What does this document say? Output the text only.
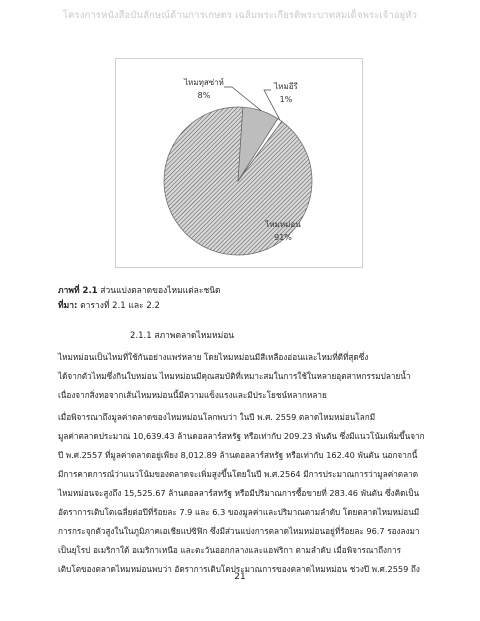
โครงการหนังสือบันลักษณ์ด้านการเกษตร เฉลิมพระเกียรติพระบาทสมเด็จพระเจ้าอยู่หัว
ไหมหม่อน
91%
ไหมทุสซ่าห์
8%
ไหมอีรี
1%
ภาพที่ 2.1 ส่วนแบ่งตลาดของไหมแต่ละชนิด
ที่มา: ตารางที่ 2.1 และ 2.2
2.1.1 สภาพตลาดไหมหม่อน
ไหมหม่อนเป็นไหมที่ใช้กันอย่างแพร่หลาย โดยไหมหม่อนมีสีเหลืองอ่อนและไหมที่ดีที่สุดซึ่ง
ได้จากตัวไหมซึ่งกินใบหม่อน ไหมหม่อนมีคุณสมบัติที่เหมาะสมในการใช้ในหลายอุตสาหกรรมปลายน้ำ
เนื่องจากสิ่งทอจากเส้นไหมหม่อนนี้มีความแข็งแรงและมีประโยชน์หลากหลาย
เมื่อพิจารณาถึงมูลค่าตลาดของไหมหม่อนโลกพบว่า ในปี พ.ศ. 2559 ตลาดไหมหม่อนโลกมี
มูลค่าตลาดประมาณ 10,639.43 ล้านดอลลาร์สหรัฐ หรือเท่ากับ 209.23 พันตัน ซึ่งมีแนวโน้มเพิ่มขึ้นจาก
ปี พ.ศ.2557 ที่มูลค่าตลาดอยู่เพียง 8,012.89 ล้านดอลลาร์สหรัฐ หรือเท่ากับ 162.40 พันตัน นอกจากนี้
มีการคาดการณ์ว่าแนวโน้มของตลาดจะเพิ่มสูงขึ้นโดยในปี พ.ศ.2564 มีการประมาณการว่ามูลค่าตลาด
ไหมหม่อนจะสูงถึง 15,525.67 ล้านดอลลาร์สหรัฐ หรือมีปริมาณการซื้อขายที่ 283.46 พันตัน ซึ่งคิดเป็น
อัตราการเติบโตเฉลี่ยต่อปีที่ร้อยละ 7.9 และ 6.3 ของมูลค่าและปริมาณตามลำดับ โดยตลาดไหมหม่อนมี
การกระจุกตัวสูงในในภูมิภาคเอเชียแปซิฟิก ซึ่งมีส่วนแบ่งการตลาดไหมหม่อนอยู่ที่ร้อยละ 96.7 รองลงมา
เป็นยุโรป อเมริกาใต้ อเมริกาเหนือ และตะวันออกกลางและแอฟริกา ตามลำดับ เมื่อพิจารณาถึงการ
เติบโตของตลาดไหมหม่อนพบว่า อัตราการเติบโตประมาณการของตลาดไหมหม่อน ช่วงปี พ.ศ.2559 ถึง
21
